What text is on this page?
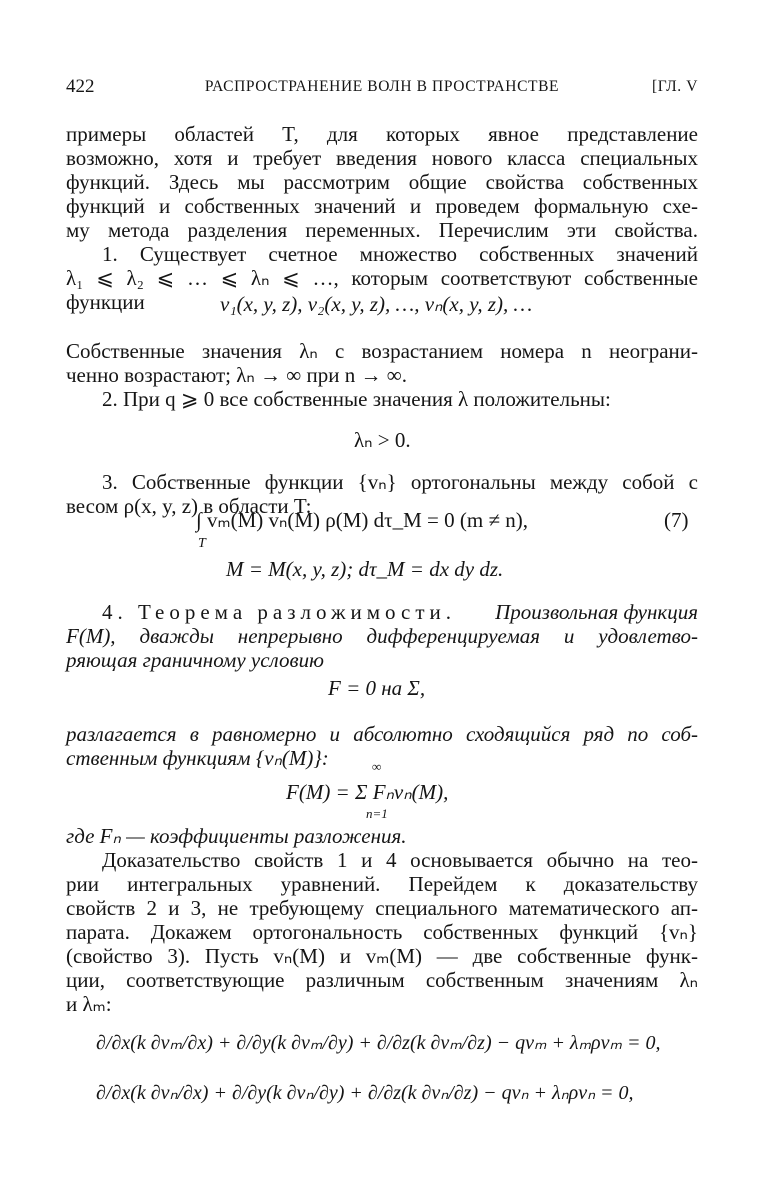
422	РАСПРОСТРАНЕНИЕ ВОЛН В ПРОСТРАНСТВЕ	[ГЛ. V
примеры областей T, для которых явное представление
возможно, хотя и требует введения нового класса специальных
функций. Здесь мы рассмотрим общие свойства собственных
функций и собственных значений и проведем формальную схе-
му метода разделения переменных. Перечислим эти свойства.
1. Существует счетное множество собственных значений
λ₁ ⩽ λ₂ ⩽ … ⩽ λₙ ⩽ …, которым соответствуют собственные
функции	v₁(x, y, z), v₂(x, y, z), …, vₙ(x, y, z), …
Собственные значения λₙ с возрастанием номера n неограни-
ченно возрастают; λₙ → ∞ при n → ∞.
2. При q ⩾ 0 все собственные значения λ положительны:
λₙ > 0.
3. Собственные функции {vₙ} ортогональны между собой с
весом ρ(x, y, z) в области T:
∫ vₘ(M) vₙ(M) ρ(M) dτ_M = 0 (m ≠ n),
T
(7)
M = M(x, y, z); dτ_M = dx dy dz.
4. Теорема разложимости.	Произвольная функция
F(M), дважды непрерывно дифференцируемая и удовлетво-
ряющая граничному условию
F = 0 на Σ,
разлагается в равномерно и абсолютно сходящийся ряд по соб-
ственным функциям {vₙ(M)}:	∞
F(M) = Σ Fₙvₙ(M),
n=1
где Fₙ — коэффициенты разложения.
Доказательство свойств 1 и 4 основывается обычно на тео-
рии интегральных уравнений. Перейдем к доказательству
свойств 2 и 3, не требующему специального математического ап-
парата. Докажем ортогональность собственных функций {vₙ}
(свойство 3). Пусть vₙ(M) и vₘ(M) — две собственные функ-
ции, соответствующие различным собственным значениям λₙ
и λₘ:
∂/∂x(k ∂vₘ/∂x) + ∂/∂y(k ∂vₘ/∂y) + ∂/∂z(k ∂vₘ/∂z) − qvₘ + λₘρvₘ = 0,
∂/∂x(k ∂vₙ/∂x) + ∂/∂y(k ∂vₙ/∂y) + ∂/∂z(k ∂vₙ/∂z) − qvₙ + λₙρvₙ = 0,
